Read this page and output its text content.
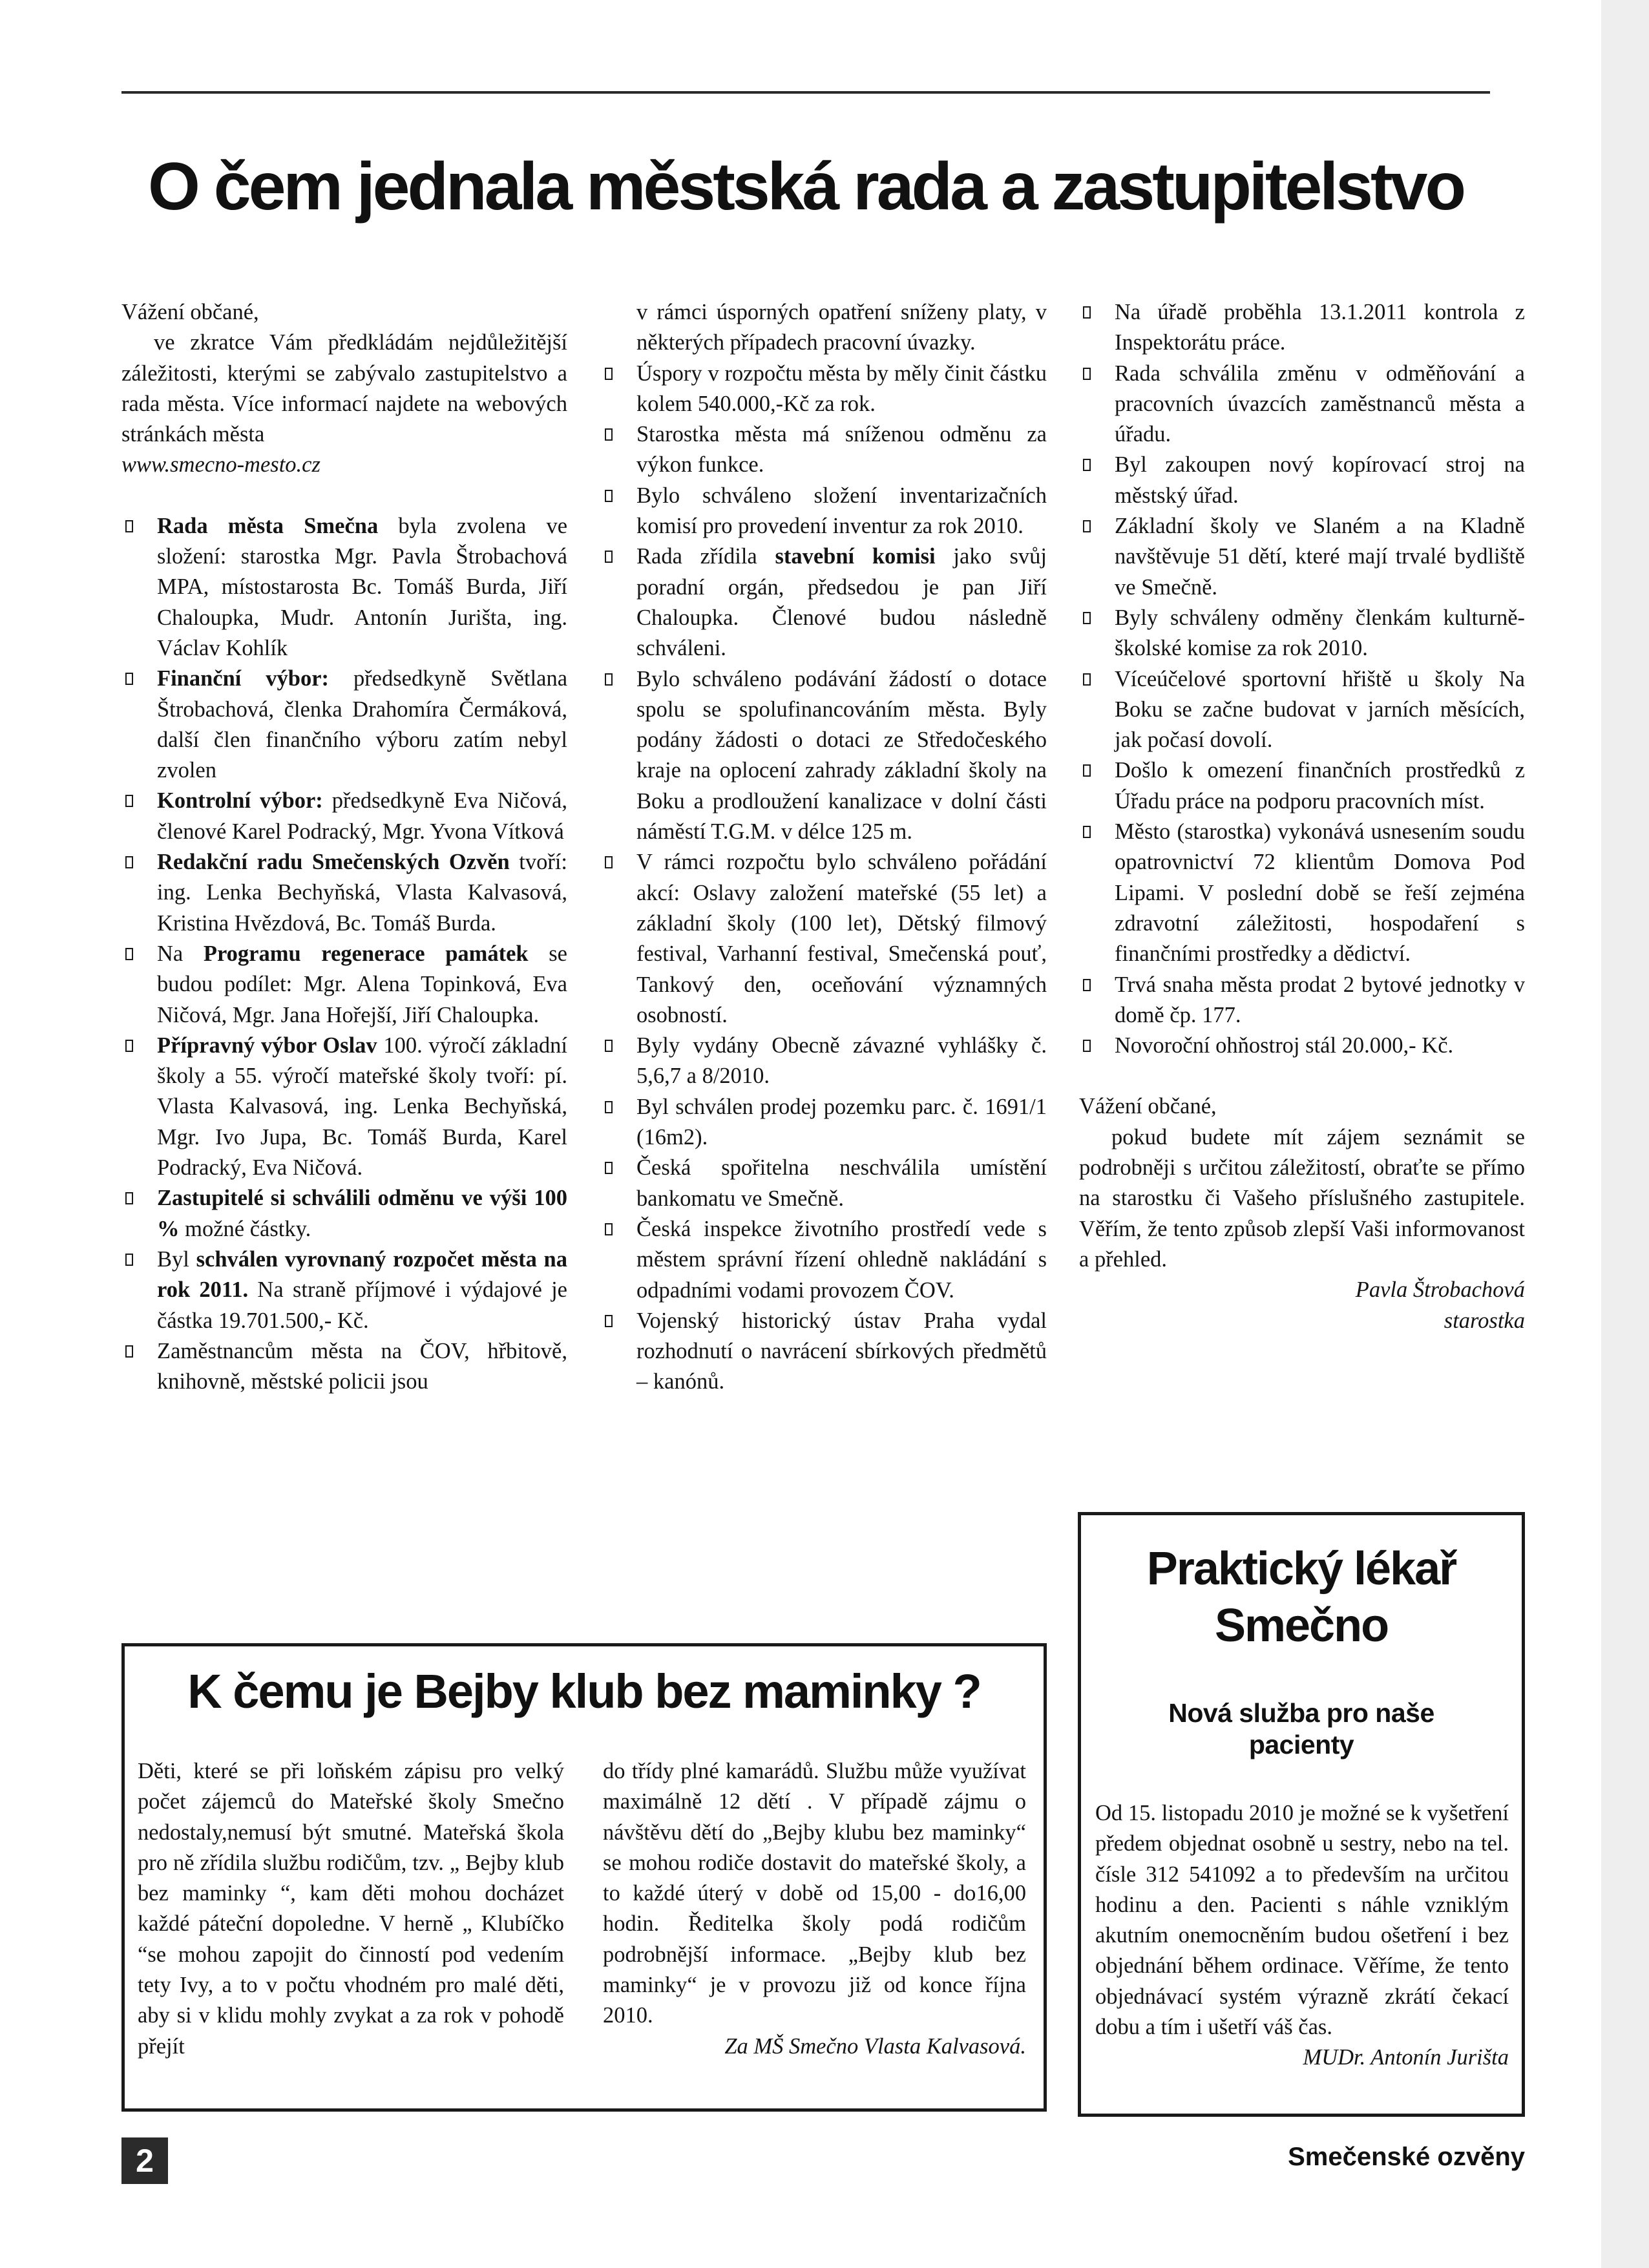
O čem jednala městská rada a zastupitelstvo

Vážení občané,

ve zkratce Vám předkládám nejdůležitější záležitosti, kterými se zabývalo zastupitelstvo a rada města. Více informací najdete na webových stránkách města

www.smecno-mesto.cz

Rada města Smečna byla zvolena ve složení: starostka Mgr. Pavla Štrobachová MPA, místostarosta Bc. Tomáš Burda, Jiří Chaloupka, Mudr. Antonín Jurišta, ing. Václav Kohlík
Finanční výbor: předsedkyně Světlana Štrobachová, členka Drahomíra Čermáková, další člen finančního výboru zatím nebyl zvolen
Kontrolní výbor: předsedkyně Eva Ničová, členové Karel Podracký, Mgr. Yvona Vítková
Redakční radu Smečenských Ozvěn tvoří: ing. Lenka Bechyňská, Vlasta Kalvasová, Kristina Hvězdová, Bc. Tomáš Burda.
Na Programu regenerace památek se budou podílet: Mgr. Alena Topinková, Eva Ničová, Mgr. Jana Hořejší, Jiří Chaloupka.
Přípravný výbor Oslav 100. výročí základní školy a 55. výročí mateřské školy tvoří: pí. Vlasta Kalvasová, ing. Lenka Bechyňská, Mgr. Ivo Jupa, Bc. Tomáš Burda, Karel Podracký, Eva Ničová.
Zastupitelé si schválili odměnu ve výši 100 % možné částky.
Byl schválen vyrovnaný rozpočet města na rok 2011. Na straně příjmové i výdajové je částka 19.701.500,- Kč.
Zaměstnancům města na ČOV, hřbitově, knihovně, městské policii jsou

v rámci úsporných opatření sníženy platy, v některých případech pracovní úvazky.

Úspory v rozpočtu města by měly činit částku kolem 540.000,-Kč za rok.
Starostka města má sníženou odměnu za výkon funkce.
Bylo schváleno složení inventarizačních komisí pro provedení inventur za rok 2010.
Rada zřídila stavební komisi jako svůj poradní orgán, předsedou je pan Jiří Chaloupka. Členové budou následně schváleni.
Bylo schváleno podávání žádostí o dotace spolu se spolufinancováním města. Byly podány žádosti o dotaci ze Středočeského kraje na oplocení zahrady základní školy na Boku a prodloužení kanalizace v dolní části náměstí T.G.M. v délce 125 m.
V rámci rozpočtu bylo schváleno pořádání akcí: Oslavy založení mateřské (55 let) a základní školy (100 let), Dětský filmový festival, Varhanní festival, Smečenská pouť, Tankový den, oceňování významných osobností.
Byly vydány Obecně závazné vyhlášky č. 5,6,7 a 8/2010.
Byl schválen prodej pozemku parc. č. 1691/1 (16m2).
Česká spořitelna neschválila umístění bankomatu ve Smečně.
Česká inspekce životního prostředí vede s městem správní řízení ohledně nakládání s odpadními vodami provozem ČOV.
Vojenský historický ústav Praha vydal rozhodnutí o navrácení sbírkových předmětů – kanónů.
Na úřadě proběhla 13.1.2011 kontrola z Inspektorátu práce.
Rada schválila změnu v odměňování a pracovních úvazcích zaměstnanců města a úřadu.
Byl zakoupen nový kopírovací stroj na městský úřad.
Základní školy ve Slaném a na Kladně navštěvuje 51 dětí, které mají trvalé bydliště ve Smečně.
Byly schváleny odměny členkám kulturně- školské komise za rok 2010.
Víceúčelové sportovní hřiště u školy Na Boku se začne budovat v jarních měsících, jak počasí dovolí.
Došlo k omezení finančních prostředků z Úřadu práce na podporu pracovních míst.
Město (starostka) vykonává usnesením soudu opatrovnictví 72 klientům Domova Pod Lipami. V poslední době se řeší zejména zdravotní záležitosti, hospodaření s finančními prostředky a dědictví.
Trvá snaha města prodat 2 bytové jednotky v domě čp. 177.
Novoroční ohňostroj stál 20.000,- Kč.

Vážení občané,

pokud budete mít zájem seznámit se podrobněji s určitou záležitostí, obraťte se přímo na starostku či Vašeho příslušného zastupitele. Věřím, že tento způsob zlepší Vaši informovanost a přehled.

Pavla Štrobachová

starostka

K čemu je Bejby klub bez maminky ?
Děti, které se při loňském zápisu pro velký počet zájemců do Mateřské školy Smečno nedostaly,nemusí být smutné. Mateřská škola pro ně zřídila službu rodičům, tzv. „ Bejby klub bez maminky “, kam děti mohou docházet každé páteční dopoledne. V herně „ Klubíčko “se mohou zapojit do činností pod vedením tety Ivy, a to v počtu vhodném pro malé děti, aby si v klidu mohly zvykat a za rok v pohodě přejít
do třídy plné kamarádů. Službu může využívat maximálně 12 dětí . V případě zájmu o návštěvu dětí do „Bejby klubu bez maminky“ se mohou rodiče dostavit do mateřské školy, a to každé úterý v době od 15,00 - do16,00 hodin. Ředitelka školy podá rodičům podrobnější informace. „Bejby klub bez maminky“ je v provozu již od konce října 2010.
Za MŠ Smečno Vlasta Kalvasová.
Praktický lékař
Smečno
Nová služba pro naše pacienty
Od 15. listopadu 2010 je možné se k vyšetření předem objednat osobně u sestry, nebo na tel. čísle 312 541092 a to především na určitou hodinu a den. Pacienti s náhle vzniklým akutním onemocněním budou ošetření i bez objednání během ordinace. Věříme, že tento objednávací systém výrazně zkrátí čekací dobu a tím i ušetří váš čas.
MUDr. Antonín Jurišta
2	Smečenské ozvěny
